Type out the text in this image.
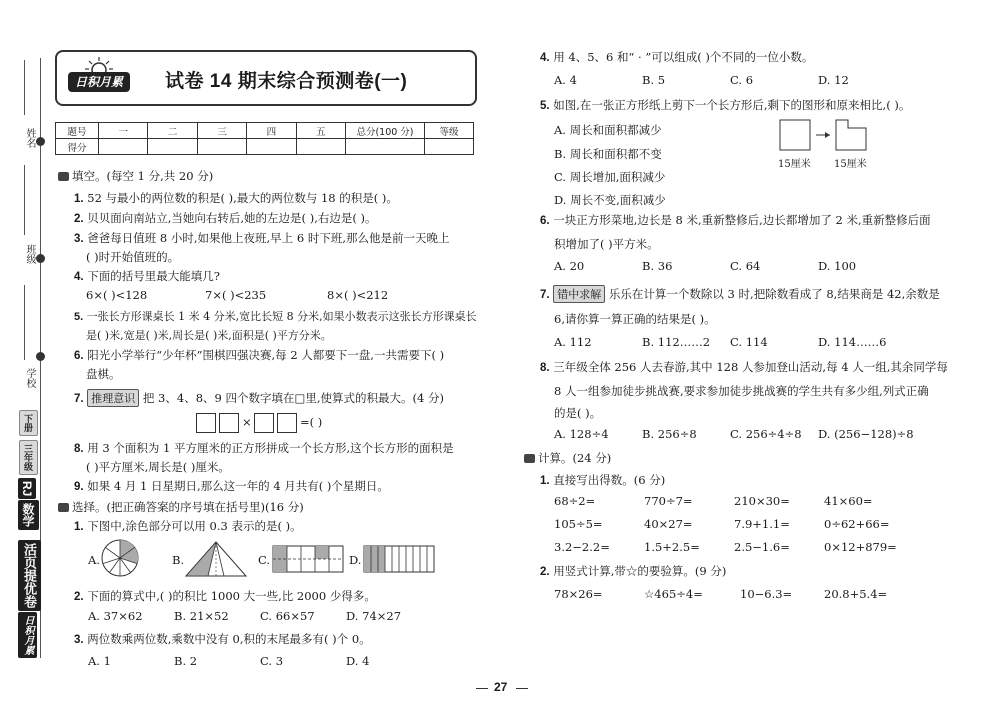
姓名
班级
学校
下册
三年级
RJ
数学
活页提优卷
日积月累
日积月累	试卷 14 期末综合预测卷(一)
题号	一	二	三	四	五	总分(100 分)	等级
得分							
填空。(每空 1 分,共 20 分)
1. 52 与最小的两位数的积是( ),最大的两位数与 18 的积是( )。
2. 贝贝面向南站立,当她向右转后,她的左边是( ),右边是( )。
3. 爸爸每日值班 8 小时,如果他上夜班,早上 6 时下班,那么他是前一天晚上
( )时开始值班的。
4. 下面的括号里最大能填几?
6×( )<128	7×( )<235	8×( )<212
5. 一张长方形课桌长 1 米 4 分米,宽比长短 8 分米,如果小数表示这张长方形课桌长
是( )米,宽是( )米,周长是( )米,面积是( )平方分米。
6. 阳光小学举行“少年杯”围棋四强决赛,每 2 人都要下一盘,一共需要下( )
盘棋。
7. 推理意识 把 3、4、8、9 四个数字填在□里,使算式的积最大。(4 分)
×	=( )
8. 用 3 个面积为 1 平方厘米的正方形拼成一个长方形,这个长方形的面积是
( )平方厘米,周长是( )厘米。
9. 如果 4 月 1 日星期日,那么这一年的 4 月共有( )个星期日。
选择。(把正确答案的序号填在括号里)(16 分)
1. 下图中,涂色部分可以用 0.3 表示的是( )。
A.	B.	C.	D.
2. 下面的算式中,( )的积比 1000 大一些,比 2000 少得多。
A. 37×62	B. 21×52	C. 66×57	D. 74×27
3. 两位数乘两位数,乘数中没有 0,积的末尾最多有( )个 0。
A. 1	B. 2	C. 3	D. 4
4. 用 4、5、6 和“ · ”可以组成( )个不同的一位小数。
A. 4	B. 5	C. 6	D. 12
5. 如图,在一张正方形纸上剪下一个长方形后,剩下的图形和原来相比,( )。
A. 周长和面积都减少
B. 周长和面积都不变
C. 周长增加,面积减少
D. 周长不变,面积减少
15厘米 15厘米
6. 一块正方形菜地,边长是 8 米,重新整修后,边长都增加了 2 米,重新整修后面
积增加了( )平方米。
A. 20	B. 36	C. 64	D. 100
7. 错中求解 乐乐在计算一个数除以 3 时,把除数看成了 8,结果商是 42,余数是
6,请你算一算正确的结果是( )。
A. 112	B. 112……2 C. 114	D. 114……6
8. 三年级全体 256 人去春游,其中 128 人参加登山活动,每 4 人一组,其余同学每
8 人一组参加徒步挑战赛,要求参加徒步挑战赛的学生共有多少组,列式正确
的是( )。
A. 128÷4	B. 256÷8	C. 256÷4÷8 D. (256−128)÷8
计算。(24 分)
1. 直接写出得数。(6 分)
68÷2=	770÷7=	210×30=	41×60=
105÷5=	40×27=	7.9+1.1=	0÷62+66=
3.2−2.2=	1.5+2.5=	2.5−1.6=	0×12+879=
2. 用竖式计算,带☆的要验算。(9 分)
78×26=	☆465÷4=	10−6.3=	20.8+5.4=
27
